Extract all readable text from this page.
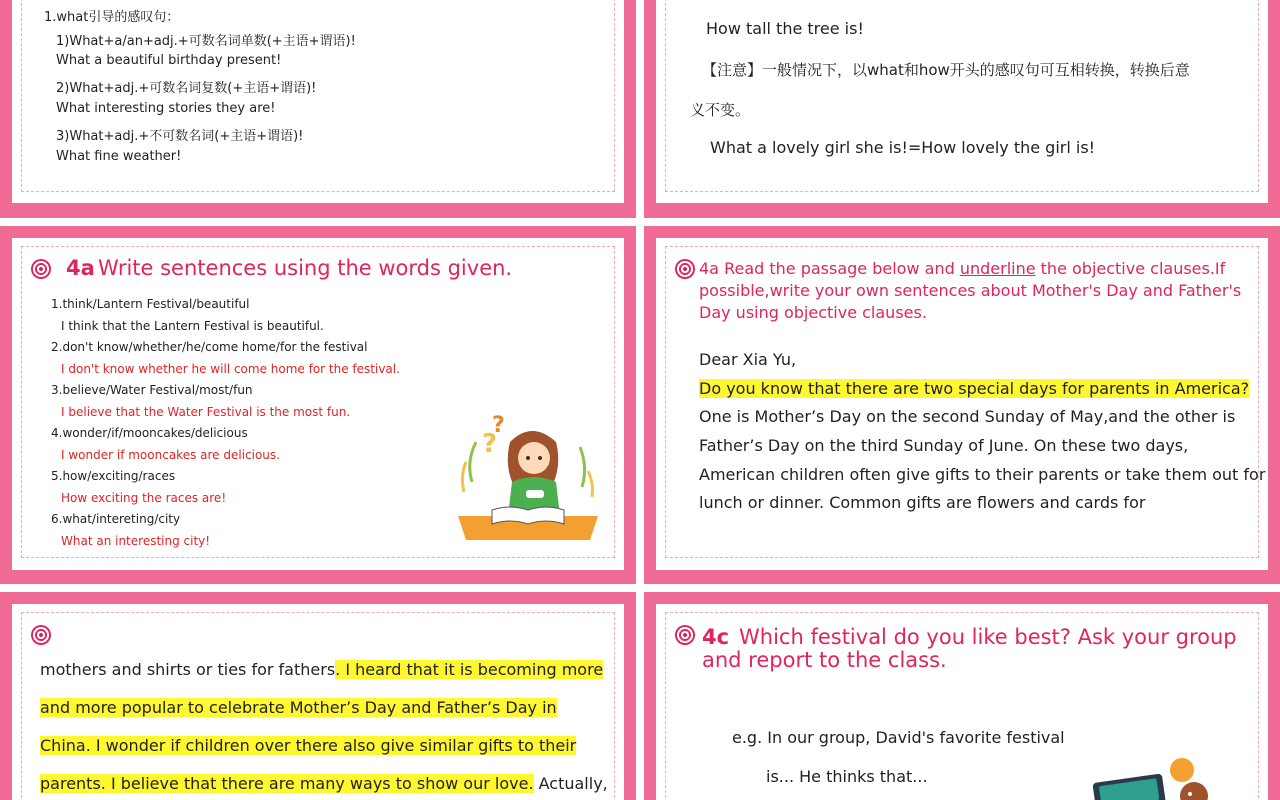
1.what引导的感叹句：
1)What+a/an+adj.+可数名词单数(+主语+谓语)!
What a beautiful birthday present!
2)What+adj.+可数名词复数(+主语+谓语)!
What interesting stories they are!
3)What+adj.+不可数名词(+主语+谓语)!
What fine weather!
How tall the tree is!
【注意】一般情况下，以what和how开头的感叹句可互相转换，转换后意
义不变。
What a lovely girl she is!=How lovely the girl is!
4a Write sentences using the words given.
1.think/Lantern Festival/beautiful
I think that the Lantern Festival is beautiful.
2.don't know/whether/he/come home/for the festival
I don't know whether he will come home for the festival.
3.believe/Water Festival/most/fun
I believe that the Water Festival is the most fun.
4.wonder/if/mooncakes/delicious
I wonder if mooncakes are delicious.
5.how/exciting/races
How exciting the races are!
6.what/intereting/city
What an interesting city!
?
?
4a Read the passage below and underline the objective clauses.If
possible,write your own sentences about Mother's Day and Father's
Day using objective clauses.
Dear Xia Yu,
Do you know that there are two special days for parents in America?
One is Mother’s Day on the second Sunday of May,and the other is
Father’s Day on the third Sunday of June. On these two days,
American children often give gifts to their parents or take them out for
lunch or dinner. Common gifts are flowers and cards for
mothers and shirts or ties for fathers. I heard that it is becoming more
and more popular to celebrate Mother’s Day and Father’s Day in
China. I wonder if children over there also give similar gifts to their
parents. I believe that there are many ways to show our love. Actually,
4c Which festival do you like best? Ask your group
and report to the class.
e.g. In our group, David's favorite festival
is... He thinks that...
